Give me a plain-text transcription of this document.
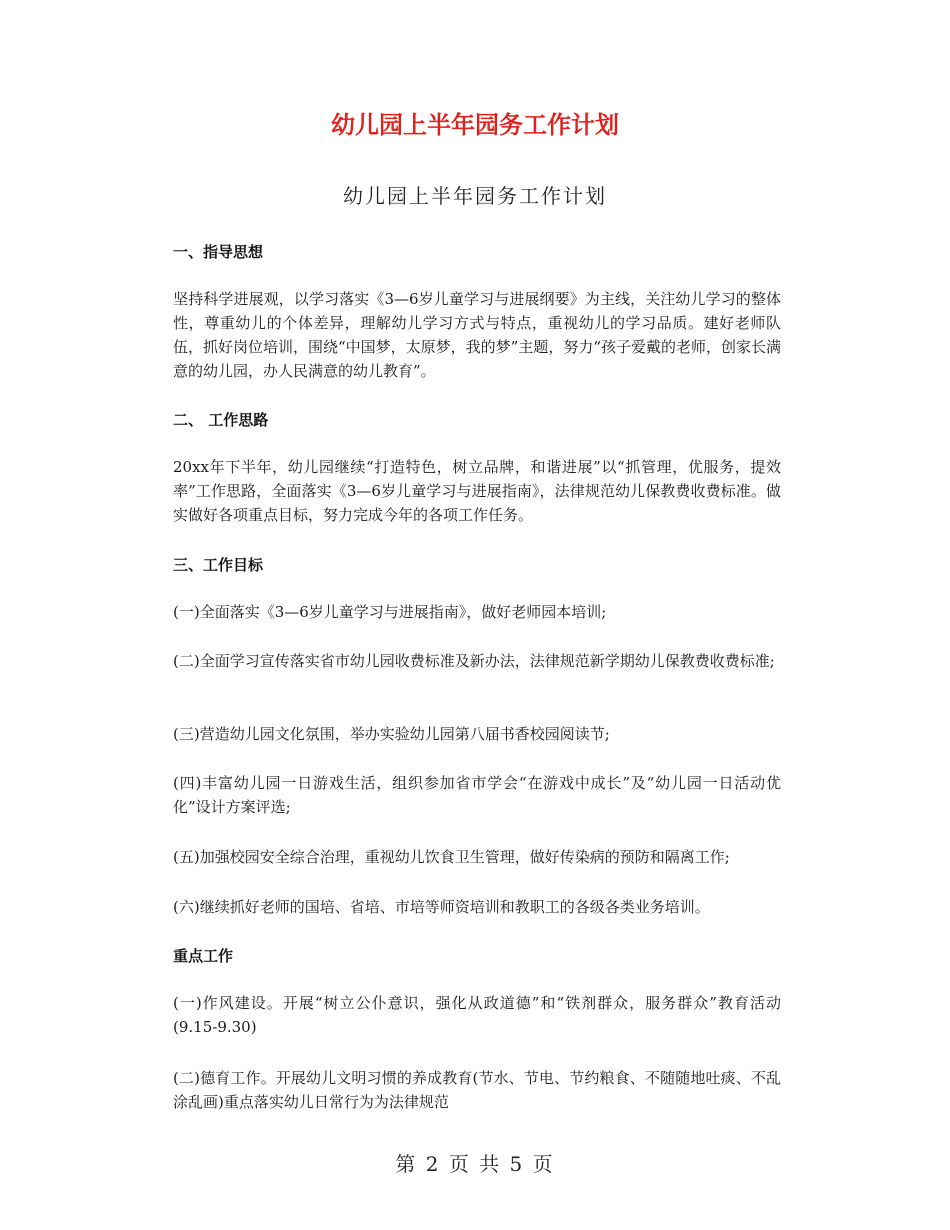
幼儿园上半年园务工作计划
幼儿园上半年园务工作计划
一、指导思想
坚持科学进展观，以学习落实《3—6岁儿童学习与进展纲要》为主线，关注幼儿学习的整体性，尊重幼儿的个体差异，理解幼儿学习方式与特点，重视幼儿的学习品质。建好老师队伍，抓好岗位培训，围绕“中国梦，太原梦，我的梦”主题，努力“孩子爱戴的老师，创家长满意的幼儿园，办人民满意的幼儿教育”。
二、 工作思路
20xx年下半年，幼儿园继续“打造特色，树立品牌，和谐进展”以“抓管理，优服务，提效率”工作思路，全面落实《3—6岁儿童学习与进展指南》，法律规范幼儿保教费收费标准。做实做好各项重点目标，努力完成今年的各项工作任务。
三、工作目标
(一)全面落实《3—6岁儿童学习与进展指南》，做好老师园本培训;
(二)全面学习宣传落实省市幼儿园收费标准及新办法，法律规范新学期幼儿保教费收费标准;
(三)营造幼儿园文化氛围，举办实验幼儿园第八届书香校园阅读节;
(四)丰富幼儿园一日游戏生活，组织参加省市学会“在游戏中成长”及“幼儿园一日活动优化”设计方案评选;
(五)加强校园安全综合治理，重视幼儿饮食卫生管理，做好传染病的预防和隔离工作;
(六)继续抓好老师的国培、省培、市培等师资培训和教职工的各级各类业务培训。
重点工作
(一)作风建设。开展“树立公仆意识，强化从政道德”和“铁剂群众，服务群众”教育活动(9.15-9.30)
(二)德育工作。开展幼儿文明习惯的养成教育(节水、节电、节约粮食、不随随地吐痰、不乱涂乱画)重点落实幼儿日常行为为法律规范
第 2 页 共 5 页
